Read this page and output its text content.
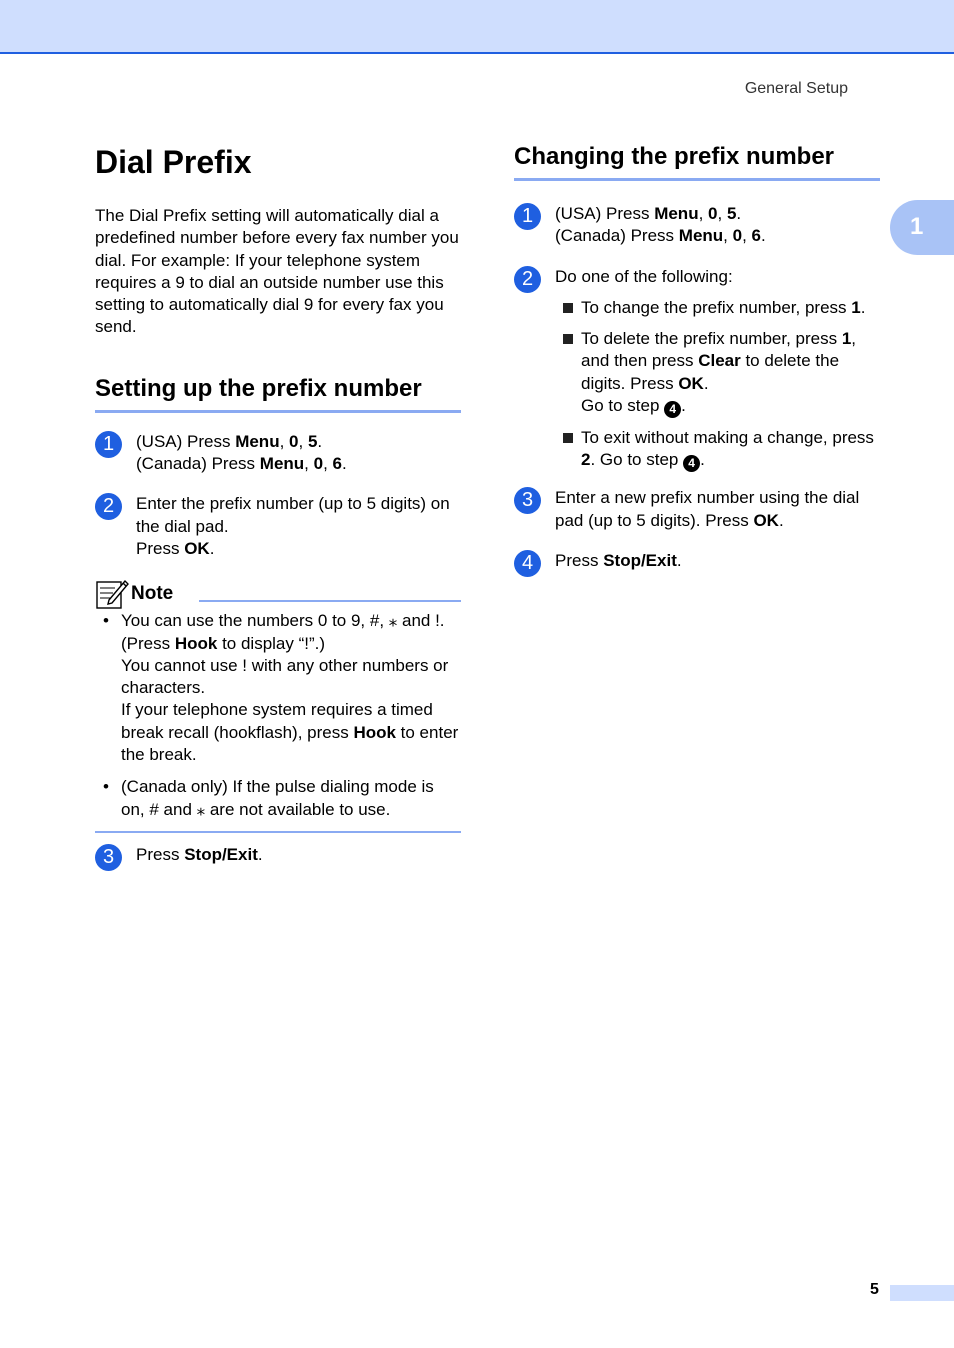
General Setup
1
Dial Prefix

The Dial Prefix setting will automatically dial a predefined number before every fax number you dial. For example: If your telephone system requires a 9 to dial an outside number use this setting to automatically dial 9 for every fax you send.

Setting up the prefix number
1	(USA) Press Menu, 0, 5.
(Canada) Press Menu, 0, 6.
2	Enter the prefix number (up to 5 digits) on the dial pad.
Press OK.
Note
• You can use the numbers 0 to 9, #, ⁎ and !. (Press Hook to display “!”.)
You cannot use ! with any other numbers or characters.
If your telephone system requires a timed break recall (hookflash), press Hook to enter the break.
• (Canada only) If the pulse dialing mode is on, # and ⁎ are not available to use.
3	Press Stop/Exit.
Changing the prefix number
1	(USA) Press Menu, 0, 5.
(Canada) Press Menu, 0, 6.
2	Do one of the following:
To change the prefix number, press 1.
To delete the prefix number, press 1, and then press Clear to delete the digits. Press OK.
Go to step 4 .
To exit without making a change, press 2. Go to step 4 .
3	Enter a new prefix number using the dial pad (up to 5 digits). Press OK.
4	Press Stop/Exit.
5
